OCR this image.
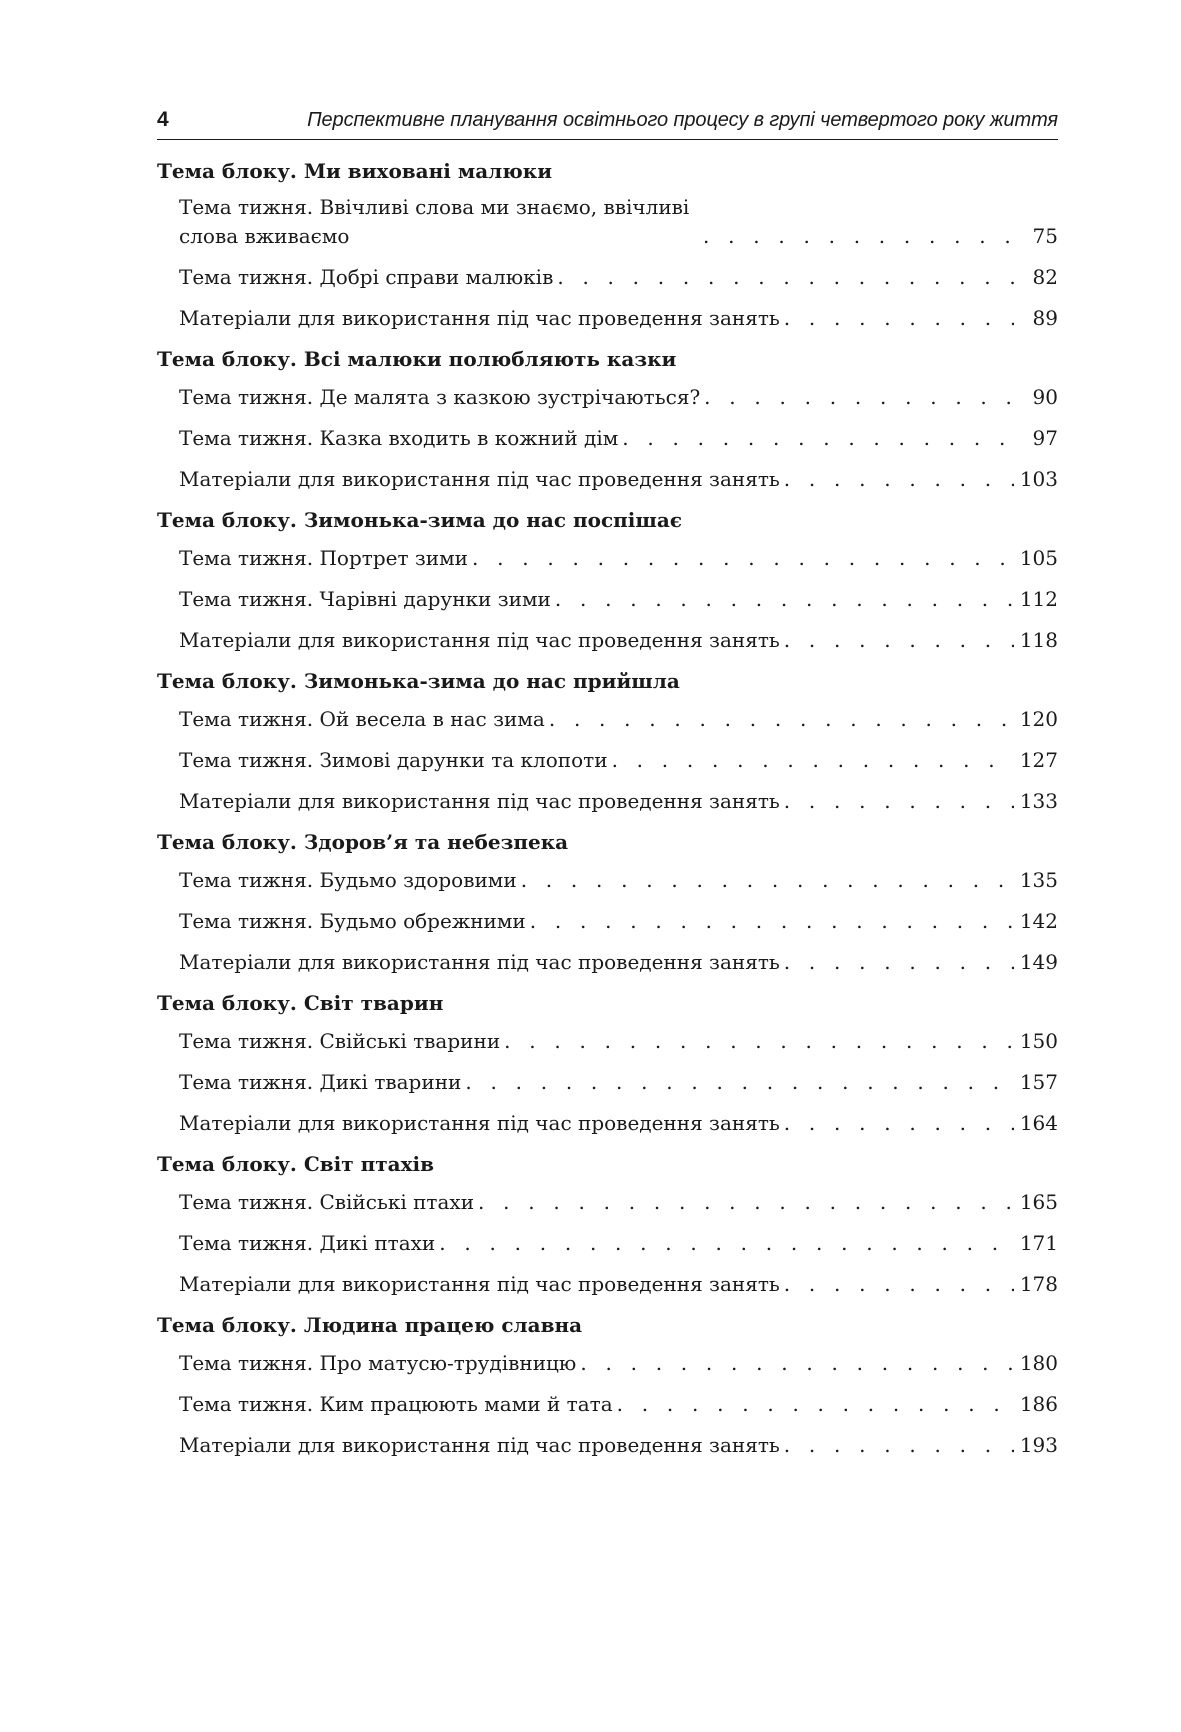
4	Перспективне планування освітнього процесу в групі четвертого року життя
Тема блоку. Ми виховані малюки
Тема тижня. Ввічливі слова ми знаємо, ввічливі слова вживаємо . . .	75
Тема тижня. Добрі справи малюків . . .	82
Матеріали для використання під час проведення занять . . .	89
Тема блоку. Всі малюки полюбляють казки
Тема тижня. Де малята з казкою зустрічаються? . . .	90
Тема тижня. Казка входить в кожний дім . . .	97
Матеріали для використання під час проведення занять . . .	103
Тема блоку. Зимонька-зима до нас поспішає
Тема тижня. Портрет зими . . .	105
Тема тижня. Чарівні дарунки зими . . .	112
Матеріали для використання під час проведення занять . . .	118
Тема блоку. Зимонька-зима до нас прийшла
Тема тижня. Ой весела в нас зима . . .	120
Тема тижня. Зимові дарунки та клопоти . . .	127
Матеріали для використання під час проведення занять . . .	133
Тема блоку. Здоров’я та небезпека
Тема тижня. Будьмо здоровими . . .	135
Тема тижня. Будьмо обрежними . . .	142
Матеріали для використання під час проведення занять . . .	149
Тема блоку. Світ тварин
Тема тижня. Свійські тварини . . .	150
Тема тижня. Дикі тварини . . .	157
Матеріали для використання під час проведення занять . . .	164
Тема блоку. Світ птахів
Тема тижня. Свійські птахи . . .	165
Тема тижня. Дикі птахи . . .	171
Матеріали для використання під час проведення занять . . .	178
Тема блоку. Людина працею славна
Тема тижня. Про матусю-трудівницю . . .	180
Тема тижня. Ким працюють мами й тата . . .	186
Матеріали для використання під час проведення занять . . .	193
